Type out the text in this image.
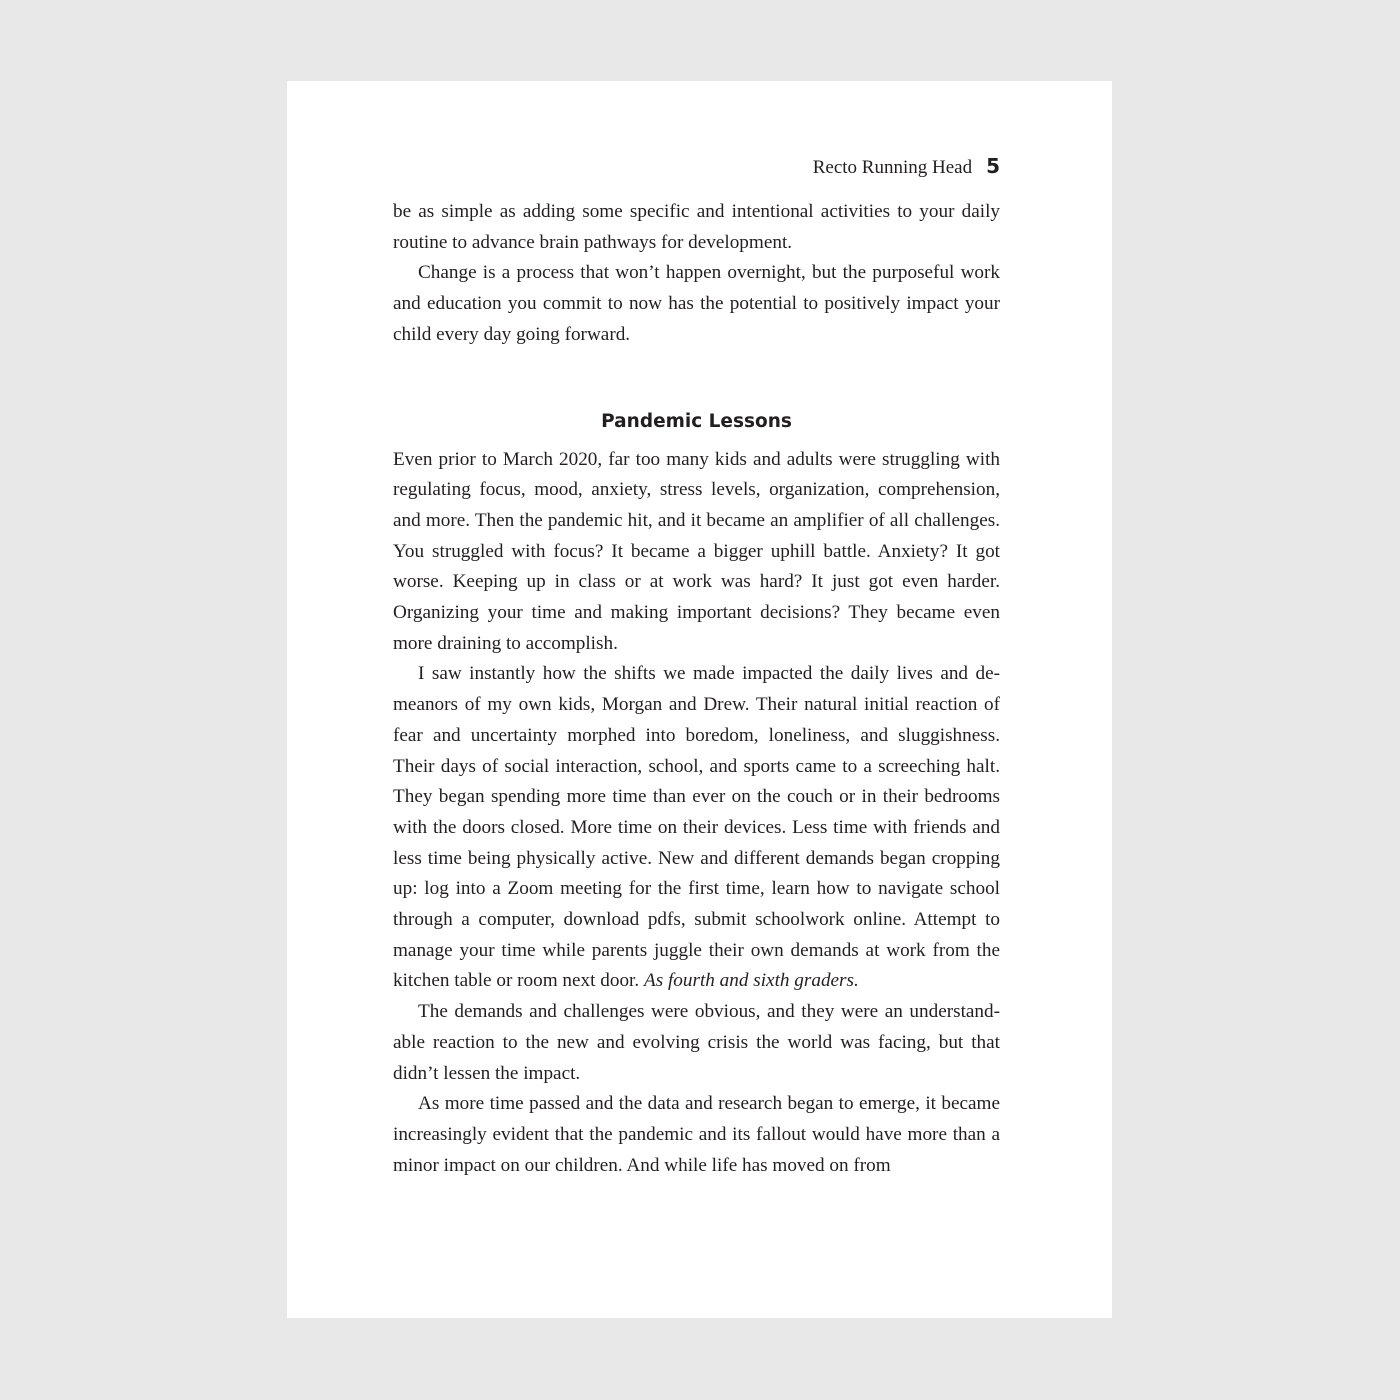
Recto Running Head 5

be as simple as adding some specific and intentional activities to your daily routine to advance brain pathways for development.

Change is a process that won’t happen overnight, but the purposeful work and education you commit to now has the potential to positively impact your child every day going forward.

Pandemic Lessons

Even prior to March 2020, far too many kids and adults were struggling with regulating focus, mood, anxiety, stress levels, organization, comprehension, and more. Then the pandemic hit, and it became an amplifier of all challenges. You struggled with focus? It became a bigger uphill battle. Anxiety? It got worse. Keeping up in class or at work was hard? It just got even harder. Organizing your time and making important decisions? They became even more draining to accomplish.

I saw instantly how the shifts we made impacted the daily lives and demeanors of my own kids, Morgan and Drew. Their natural initial reaction of fear and uncertainty morphed into boredom, loneliness, and sluggishness. Their days of social interaction, school, and sports came to a screeching halt. They began spending more time than ever on the couch or in their bedrooms with the doors closed. More time on their devices. Less time with friends and less time being physically active. New and different demands began cropping up: log into a Zoom meeting for the first time, learn how to navigate school through a computer, download pdfs, submit schoolwork online. Attempt to manage your time while parents juggle their own demands at work from the kitchen table or room next door. As fourth and sixth graders.

The demands and challenges were obvious, and they were an understandable reaction to the new and evolving crisis the world was facing, but that didn’t lessen the impact.

As more time passed and the data and research began to emerge, it became increasingly evident that the pandemic and its fallout would have more than a minor impact on our children. And while life has moved on from
